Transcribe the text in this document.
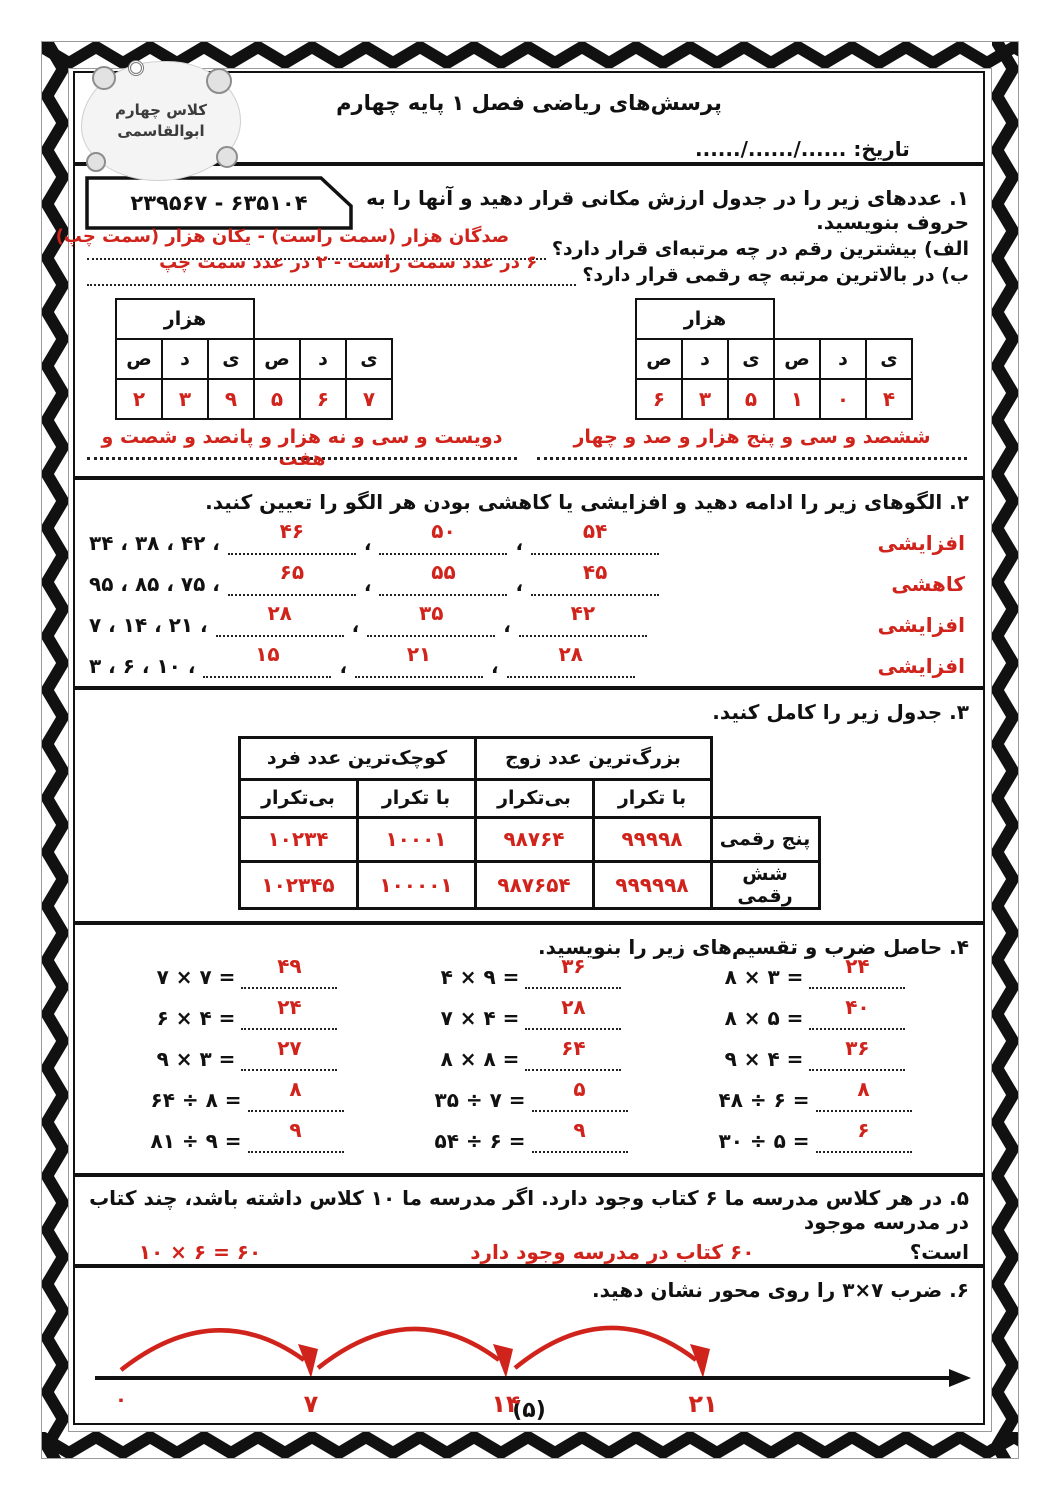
پرسش‌های ریاضی فصل ۱ پایه چهارم
تاریخ: ....../....../......
کلاس چهارم
ابوالقاسمی
۱. عددهای زیر را در جدول ارزش مکانی قرار دهید و آنها را به حروف بنویسید.
۲۳۹۵۶۷ - ۶۳۵۱۰۴
الف) بیشترین رقم در چه مرتبه‌ای قرار دارد؟
صدگان هزار (سمت راست) - یکان هزار (سمت چپ)
ب) در بالاترین مرتبه چه رقمی قرار دارد؟
۶ در عدد سمت راست - ۲ در عدد سمت چپ
هزار					
ص	د	ی	ص	د	ی
۲	۳	۹	۵	۶	۷
هزار					
ص	د	ی	ص	د	ی
۶	۳	۵	۱	۰	۴
دویست و سی و نه هزار و پانصد و شصت و هفت
ششصد و سی و پنج هزار و صد و چهار
۲. الگوهای زیر را ادامه دهید و افزایشی یا کاهشی بودن هر الگو را تعیین کنید.
۳۴ ، ۳۸ ، ۴۲ ،	۴۶	،	۵۰	،	۵۴	افزایشی
۹۵ ، ۸۵ ، ۷۵ ،	۶۵	،	۵۵	،	۴۵	کاهشی
۷ ، ۱۴ ، ۲۱ ،	۲۸	،	۳۵	،	۴۲	افزایشی
۳ ، ۶ ، ۱۰ ،	۱۵	،	۲۱	،	۲۸	افزایشی
۳. جدول زیر را کامل کنید.
کوچک‌ترین عدد فرد		بزرگ‌ترین عدد زوج		
بی‌تکرار	با تکرار	بی‌تکرار	با تکرار	
۱۰۲۳۴	۱۰۰۰۱	۹۸۷۶۴	۹۹۹۹۸	پنج رقمی
۱۰۲۳۴۵	۱۰۰۰۰۱	۹۸۷۶۵۴	۹۹۹۹۹۸	شش رقمی
۴. حاصل ضرب و تقسیم‌های زیر را بنویسید.
۸ × ۳ =	۲۴
۴ × ۹ =	۳۶
۷ × ۷ =	۴۹
۸ × ۵ =	۴۰
۷ × ۴ =	۲۸
۶ × ۴ =	۲۴
۹ × ۴ =	۳۶
۸ × ۸ =	۶۴
۹ × ۳ =	۲۷
۴۸ ÷ ۶ =	۸
۳۵ ÷ ۷ =	۵
۶۴ ÷ ۸ =	۸
۳۰ ÷ ۵ =	۶
۵۴ ÷ ۶ =	۹
۸۱ ÷ ۹ =	۹
۵. در هر کلاس مدرسه ما ۶ کتاب وجود دارد. اگر مدرسه ما ۱۰ کلاس داشته باشد، چند کتاب در مدرسه موجود
است؟
۶۰ کتاب در مدرسه وجود دارد
۱۰ × ۶ = ۶۰
۶. ضرب ۳×۷ را روی محور نشان دهید.
۰	۷	۱۴	۲۱
(۵)
